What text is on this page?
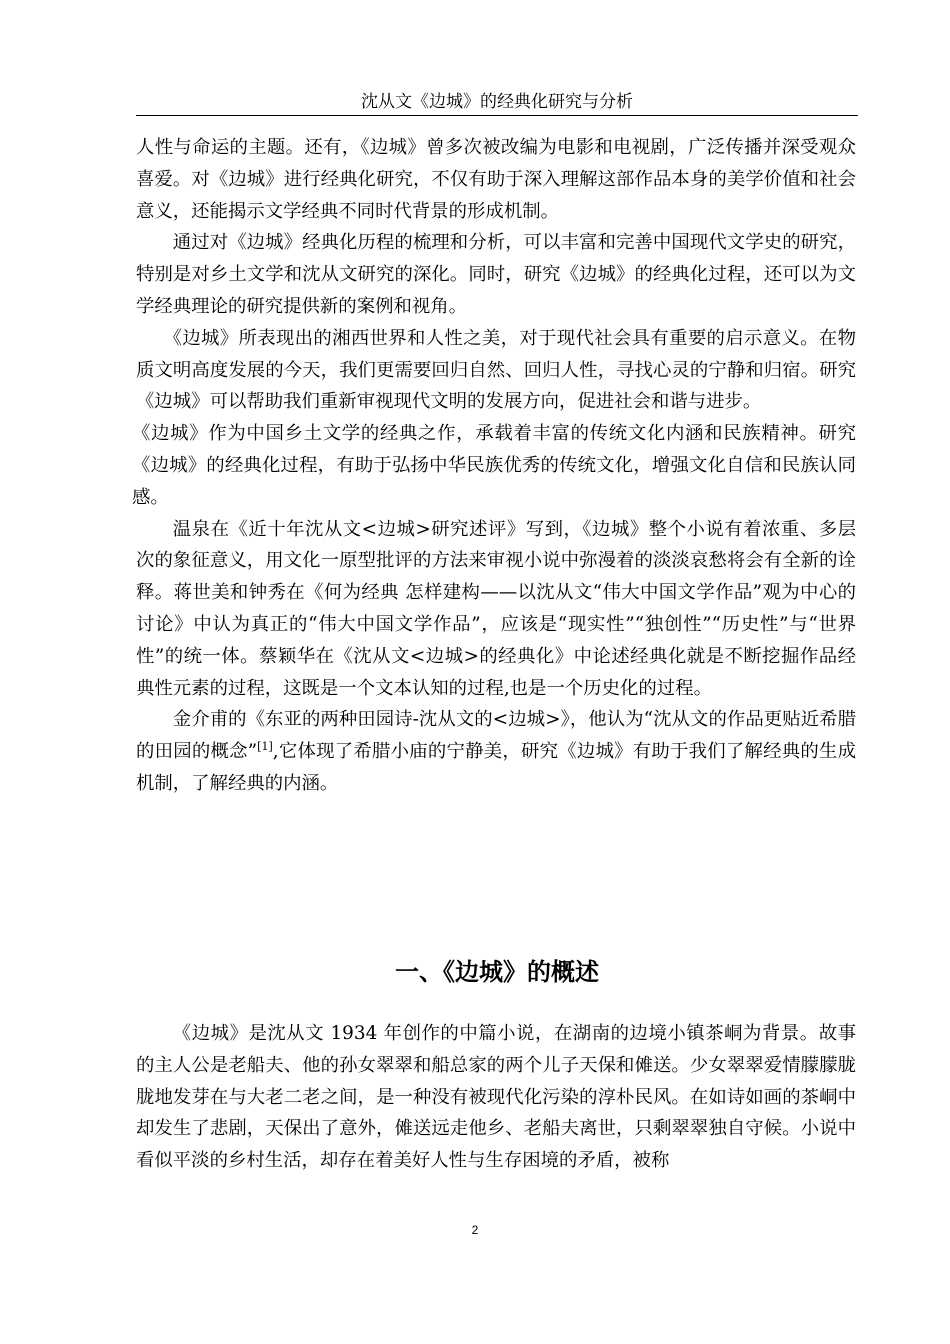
沈从文《边城》的经典化研究与分析

人性与命运的主题。还有，《边城》曾多次被改编为电影和电视剧，广泛传播并深受观众喜爱。对《边城》进行经典化研究，不仅有助于深入理解这部作品本身的美学价值和社会意义，还能揭示文学经典不同时代背景的形成机制。

通过对《边城》经典化历程的梳理和分析，可以丰富和完善中国现代文学史的研究，特别是对乡土文学和沈从文研究的深化。同时，研究《边城》的经典化过程，还可以为文学经典理论的研究提供新的案例和视角。

《边城》所表现出的湘西世界和人性之美，对于现代社会具有重要的启示意义。在物质文明高度发展的今天，我们更需要回归自然、回归人性，寻找心灵的宁静和归宿。研究《边城》可以帮助我们重新审视现代文明的发展方向，促进社会和谐与进步。

《边城》作为中国乡土文学的经典之作，承载着丰富的传统文化内涵和民族精神。研究《边城》的经典化过程，有助于弘扬中华民族优秀的传统文化，增强文化自信和民族认同感。

温泉在《近十年沈从文<边城>研究述评》写到，《边城》整个小说有着浓重、多层次的象征意义，用文化一原型批评的方法来审视小说中弥漫着的淡淡哀愁将会有全新的诠释。蒋世美和钟秀在《何为经典 怎样建构——以沈从文“伟大中国文学作品”观为中心的讨论》中认为真正的“伟大中国文学作品”，应该是“现实性”“独创性”“历史性”与“世界性”的统一体。蔡颖华在《沈从文<边城>的经典化》中论述经典化就是不断挖掘作品经典性元素的过程，这既是一个文本认知的过程,也是一个历史化的过程。

金介甫的《东亚的两种田园诗-沈从文的<边城>》，他认为“沈从文的作品更贴近希腊的田园的概念”[1],它体现了希腊小庙的宁静美，研究《边城》有助于我们了解经典的生成机制，了解经典的内涵。

一、《边城》的概述

《边城》是沈从文 1934 年创作的中篇小说，在湖南的边境小镇茶峒为背景。故事的主人公是老船夫、他的孙女翠翠和船总家的两个儿子天保和傩送。少女翠翠爱情朦朦胧胧地发芽在与大老二老之间，是一种没有被现代化污染的淳朴民风。在如诗如画的茶峒中却发生了悲剧，天保出了意外，傩送远走他乡、老船夫离世，只剩翠翠独自守候。小说中看似平淡的乡村生活，却存在着美好人性与生存困境的矛盾，被称

2
